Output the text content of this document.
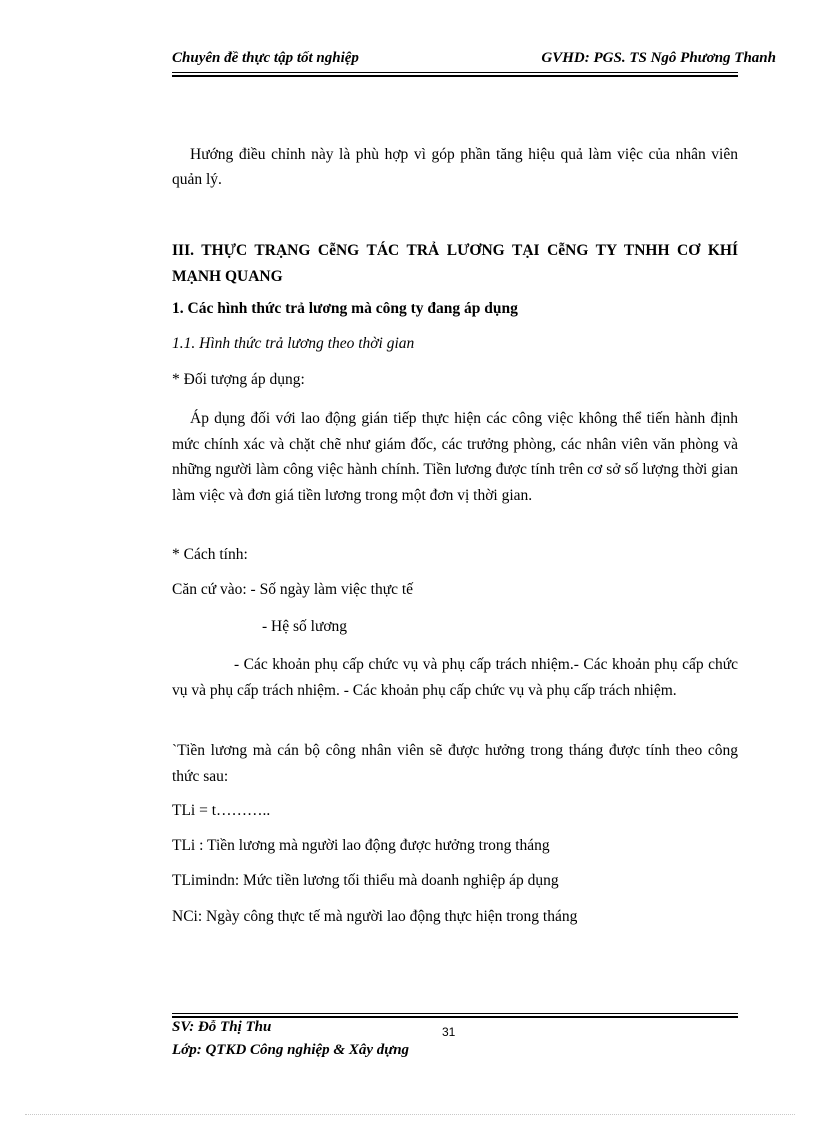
Chuyên đề thực tập tốt nghiệp	GVHD: PGS. TS Ngô Phương Thanh
Hướng điều chỉnh này là phù hợp vì góp phần tăng hiệu quả làm việc của nhân viên quản lý.
III. THỰC TRẠNG CễNG TÁC TRẢ LƯƠNG TẠI CễNG TY TNHH CƠ KHÍ MẠNH QUANG
1. Các hình thức trả lương mà công ty đang áp dụng
1.1. Hình thức trả lương theo thời gian
* Đối tượng áp dụng:
Áp dụng đối với lao động gián tiếp thực hiện các công việc không thể tiến hành định mức chính xác và chặt chẽ như giám đốc, các trưởng phòng, các nhân viên văn phòng và những người làm công việc hành chính. Tiền lương được tính trên cơ sở số lượng thời gian làm việc và đơn giá tiền lương trong một đơn vị thời gian.
* Cách tính:
Căn cứ vào: - Số ngày làm việc thực tế
- Hệ số lương
- Các khoản phụ cấp chức vụ và phụ cấp trách nhiệm.- Các khoản phụ cấp chức vụ và phụ cấp trách nhiệm. - Các khoản phụ cấp chức vụ và phụ cấp trách nhiệm.
`Tiền lương mà cán bộ công nhân viên sẽ được hưởng trong tháng được tính theo công thức sau:
TLi = t………..
TLi : Tiền lương mà người lao động được hưởng trong tháng
TLimindn: Mức tiền lương tối thiểu mà doanh nghiệp áp dụng
NCi: Ngày công thực tế mà người lao động thực hiện trong tháng
SV: Đỗ Thị Thu	31
Lớp: QTKD Công nghiệp & Xây dựng
